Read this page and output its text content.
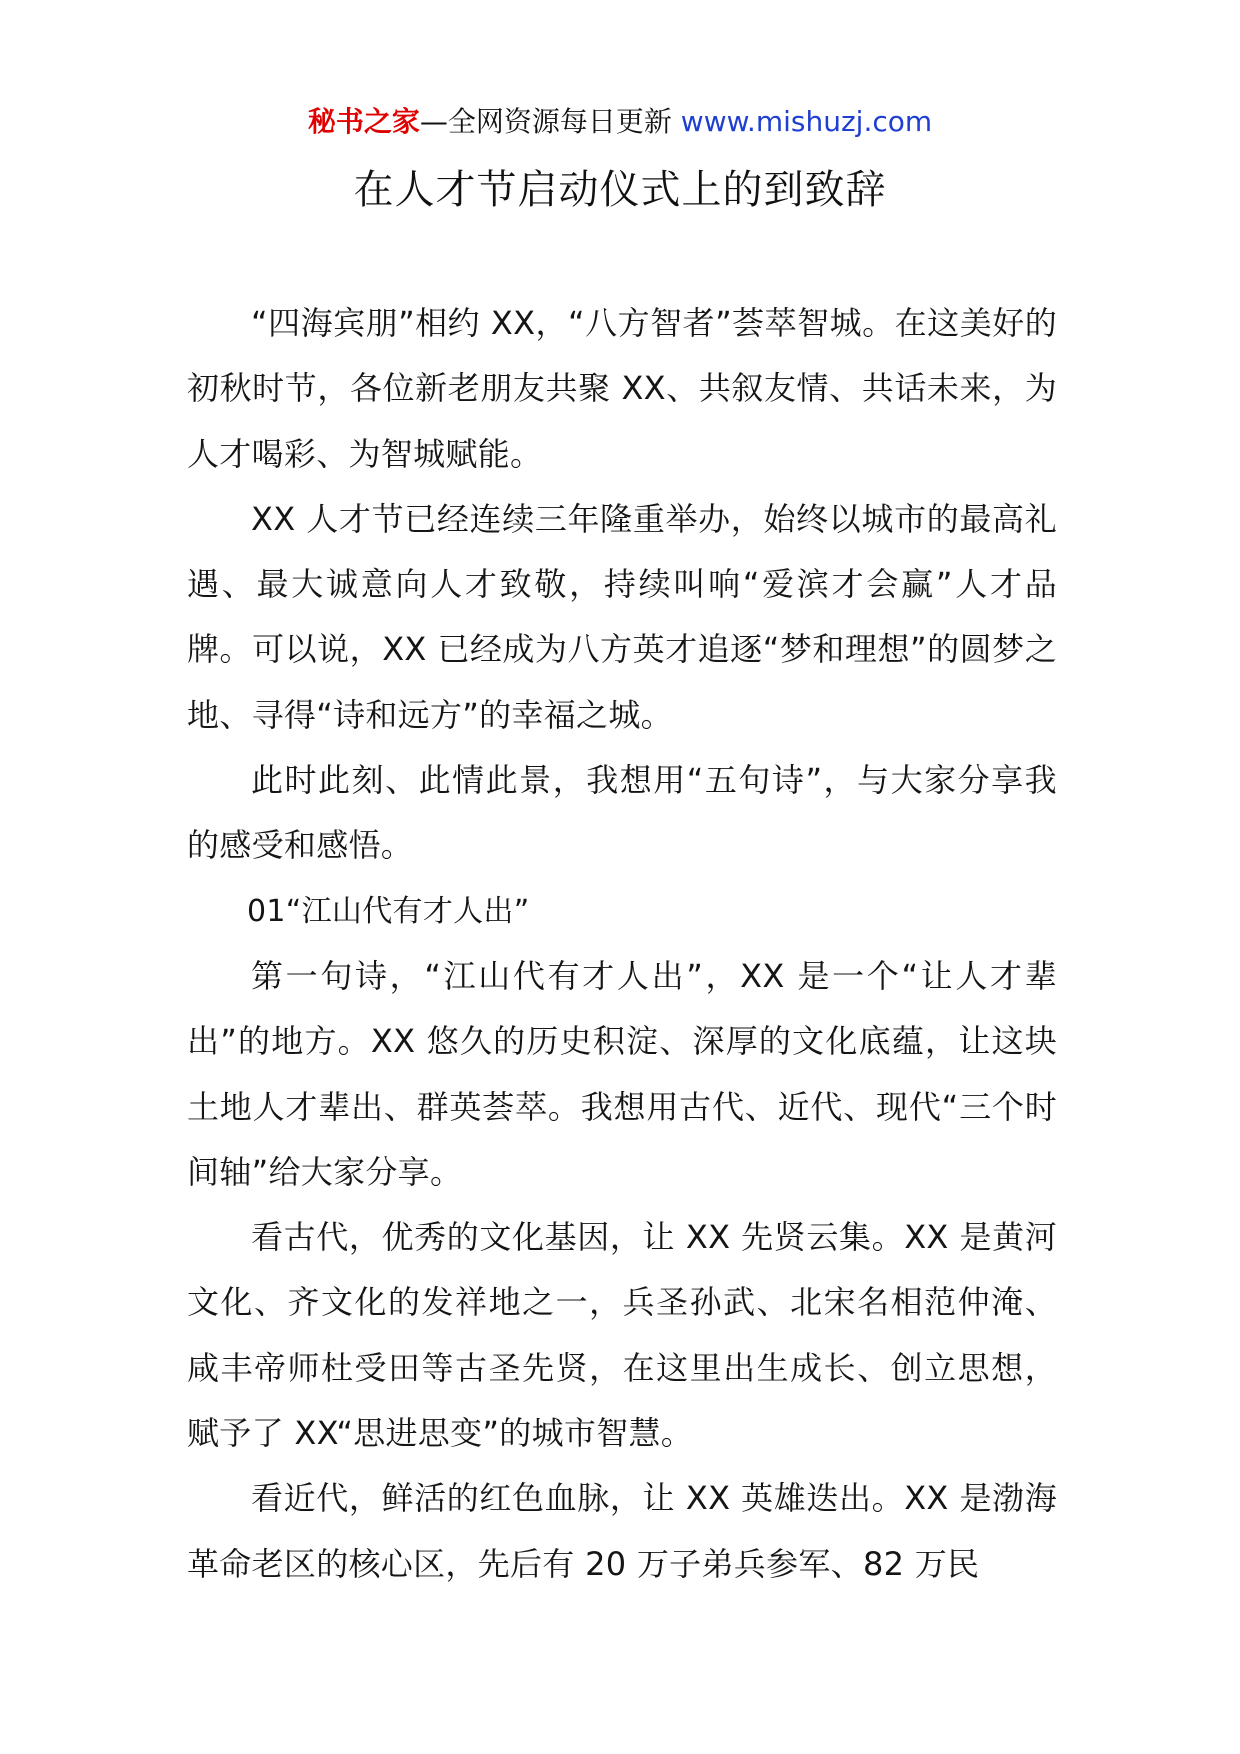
秘书之家—全网资源每日更新 www.mishuzj.com
在人才节启动仪式上的到致辞

“四海宾朋”相约 XX，“八方智者”荟萃智城。在这美好的初秋时节，各位新老朋友共聚 XX、共叙友情、共话未来，为人才喝彩、为智城赋能。

XX 人才节已经连续三年隆重举办，始终以城市的最高礼遇、最大诚意向人才致敬，持续叫响“爱滨才会赢”人才品牌。可以说，XX 已经成为八方英才追逐“梦和理想”的圆梦之地、寻得“诗和远方”的幸福之城。

此时此刻、此情此景，我想用“五句诗”，与大家分享我的感受和感悟。

01“江山代有才人出”

第一句诗，“江山代有才人出”，XX 是一个“让人才辈出”的地方。XX 悠久的历史积淀、深厚的文化底蕴，让这块土地人才辈出、群英荟萃。我想用古代、近代、现代“三个时间轴”给大家分享。

看古代，优秀的文化基因，让 XX 先贤云集。XX 是黄河文化、齐文化的发祥地之一，兵圣孙武、北宋名相范仲淹、咸丰帝师杜受田等古圣先贤，在这里出生成长、创立思想，赋予了 XX“思进思变”的城市智慧。

看近代，鲜活的红色血脉，让 XX 英雄迭出。XX 是渤海革命老区的核心区，先后有 20 万子弟兵参军、82 万民
